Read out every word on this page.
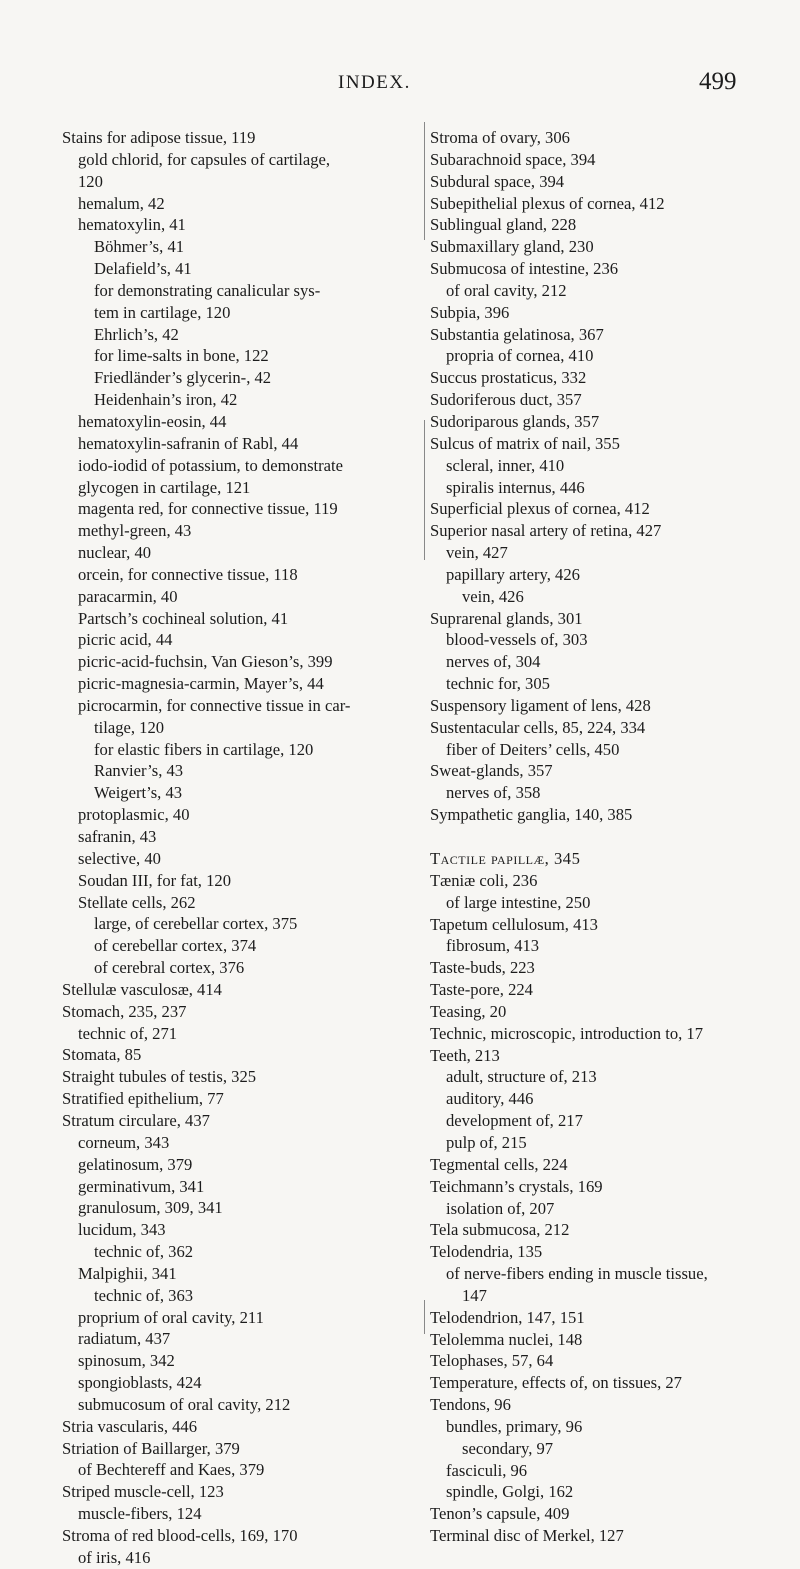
INDEX.	499
Stains for adipose tissue, 119
gold chlorid, for capsules of cartilage,
120
hemalum, 42
hematoxylin, 41
Böhmer’s, 41
Delafield’s, 41
for demonstrating canalicular sys-
tem in cartilage, 120
Ehrlich’s, 42
for lime-salts in bone, 122
Friedländer’s glycerin-, 42
Heidenhain’s iron, 42
hematoxylin-eosin, 44
hematoxylin-safranin of Rabl, 44
iodo-iodid of potassium, to demonstrate
glycogen in cartilage, 121
magenta red, for connective tissue, 119
methyl-green, 43
nuclear, 40
orcein, for connective tissue, 118
paracarmin, 40
Partsch’s cochineal solution, 41
picric acid, 44
picric-acid-fuchsin, Van Gieson’s, 399
picric-magnesia-carmin, Mayer’s, 44
picrocarmin, for connective tissue in car-
tilage, 120
for elastic fibers in cartilage, 120
Ranvier’s, 43
Weigert’s, 43
protoplasmic, 40
safranin, 43
selective, 40
Soudan III, for fat, 120
Stellate cells, 262
large, of cerebellar cortex, 375
of cerebellar cortex, 374
of cerebral cortex, 376
Stellulæ vasculosæ, 414
Stomach, 235, 237
technic of, 271
Stomata, 85
Straight tubules of testis, 325
Stratified epithelium, 77
Stratum circulare, 437
corneum, 343
gelatinosum, 379
germinativum, 341
granulosum, 309, 341
lucidum, 343
technic of, 362
Malpighii, 341
technic of, 363
proprium of oral cavity, 211
radiatum, 437
spinosum, 342
spongioblasts, 424
submucosum of oral cavity, 212
Stria vascularis, 446
Striation of Baillarger, 379
of Bechtereff and Kaes, 379
Striped muscle-cell, 123
muscle-fibers, 124
Stroma of red blood-cells, 169, 170
of iris, 416
Stroma of ovary, 306
Subarachnoid space, 394
Subdural space, 394
Subepithelial plexus of cornea, 412
Sublingual gland, 228
Submaxillary gland, 230
Submucosa of intestine, 236
of oral cavity, 212
Subpia, 396
Substantia gelatinosa, 367
propria of cornea, 410
Succus prostaticus, 332
Sudoriferous duct, 357
Sudoriparous glands, 357
Sulcus of matrix of nail, 355
scleral, inner, 410
spiralis internus, 446
Superficial plexus of cornea, 412
Superior nasal artery of retina, 427
vein, 427
papillary artery, 426
vein, 426
Suprarenal glands, 301
blood-vessels of, 303
nerves of, 304
technic for, 305
Suspensory ligament of lens, 428
Sustentacular cells, 85, 224, 334
fiber of Deiters’ cells, 450
Sweat-glands, 357
nerves of, 358
Sympathetic ganglia, 140, 385
Tactile papillæ, 345
Tæniæ coli, 236
of large intestine, 250
Tapetum cellulosum, 413
fibrosum, 413
Taste-buds, 223
Taste-pore, 224
Teasing, 20
Technic, microscopic, introduction to, 17
Teeth, 213
adult, structure of, 213
auditory, 446
development of, 217
pulp of, 215
Tegmental cells, 224
Teichmann’s crystals, 169
isolation of, 207
Tela submucosa, 212
Telodendria, 135
of nerve-fibers ending in muscle tissue,
147
Telodendrion, 147, 151
Telolemma nuclei, 148
Telophases, 57, 64
Temperature, effects of, on tissues, 27
Tendons, 96
bundles, primary, 96
secondary, 97
fasciculi, 96
spindle, Golgi, 162
Tenon’s capsule, 409
Terminal disc of Merkel, 127
